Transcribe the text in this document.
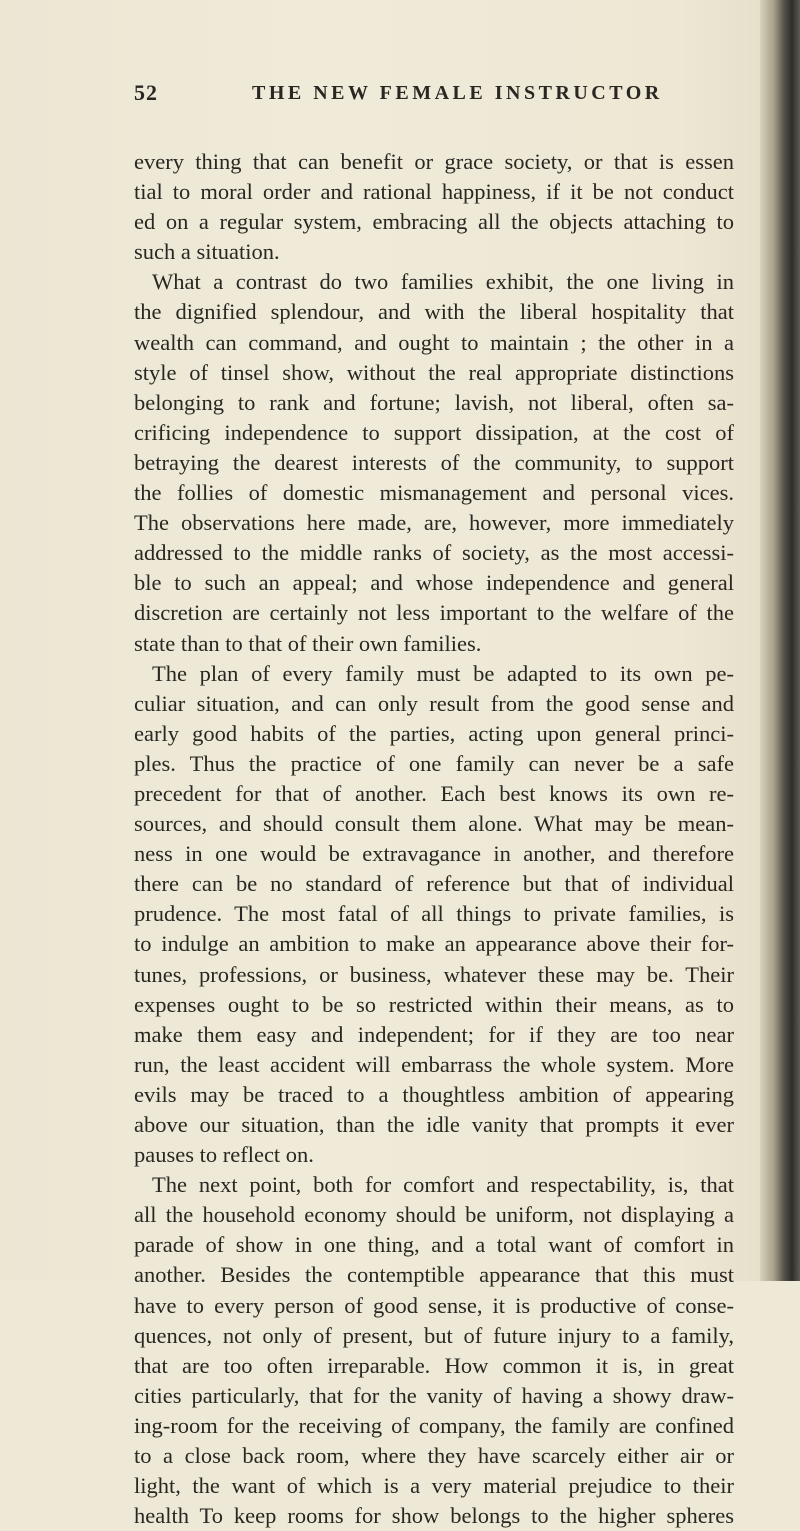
52	THE NEW FEMALE INSTRUCTOR
every thing that can benefit or grace society, or that is essen
tial to moral order and rational happiness, if it be not conduct
ed on a regular system, embracing all the objects attaching to
such a situation.
What a contrast do two families exhibit, the one living in
the dignified splendour, and with the liberal hospitality that
wealth can command, and ought to maintain ; the other in a
style of tinsel show, without the real appropriate distinctions
belonging to rank and fortune; lavish, not liberal, often sa-
crificing independence to support dissipation, at the cost of
betraying the dearest interests of the community, to support
the follies of domestic mismanagement and personal vices.
The observations here made, are, however, more immediately
addressed to the middle ranks of society, as the most accessi-
ble to such an appeal; and whose independence and general
discretion are certainly not less important to the welfare of the
state than to that of their own families.
The plan of every family must be adapted to its own pe-
culiar situation, and can only result from the good sense and
early good habits of the parties, acting upon general princi-
ples. Thus the practice of one family can never be a safe
precedent for that of another. Each best knows its own re-
sources, and should consult them alone. What may be mean-
ness in one would be extravagance in another, and therefore
there can be no standard of reference but that of individual
prudence. The most fatal of all things to private families, is
to indulge an ambition to make an appearance above their for-
tunes, professions, or business, whatever these may be. Their
expenses ought to be so restricted within their means, as to
make them easy and independent; for if they are too near
run, the least accident will embarrass the whole system. More
evils may be traced to a thoughtless ambition of appearing
above our situation, than the idle vanity that prompts it ever
pauses to reflect on.
The next point, both for comfort and respectability, is, that
all the household economy should be uniform, not displaying a
parade of show in one thing, and a total want of comfort in
another. Besides the contemptible appearance that this must
have to every person of good sense, it is productive of conse-
quences, not only of present, but of future injury to a family,
that are too often irreparable. How common it is, in great
cities particularly, that for the vanity of having a showy draw-
ing-room for the receiving of company, the family are confined
to a close back room, where they have scarcely either air or
light, the want of which is a very material prejudice to their
health To keep rooms for show belongs to the higher spheres
